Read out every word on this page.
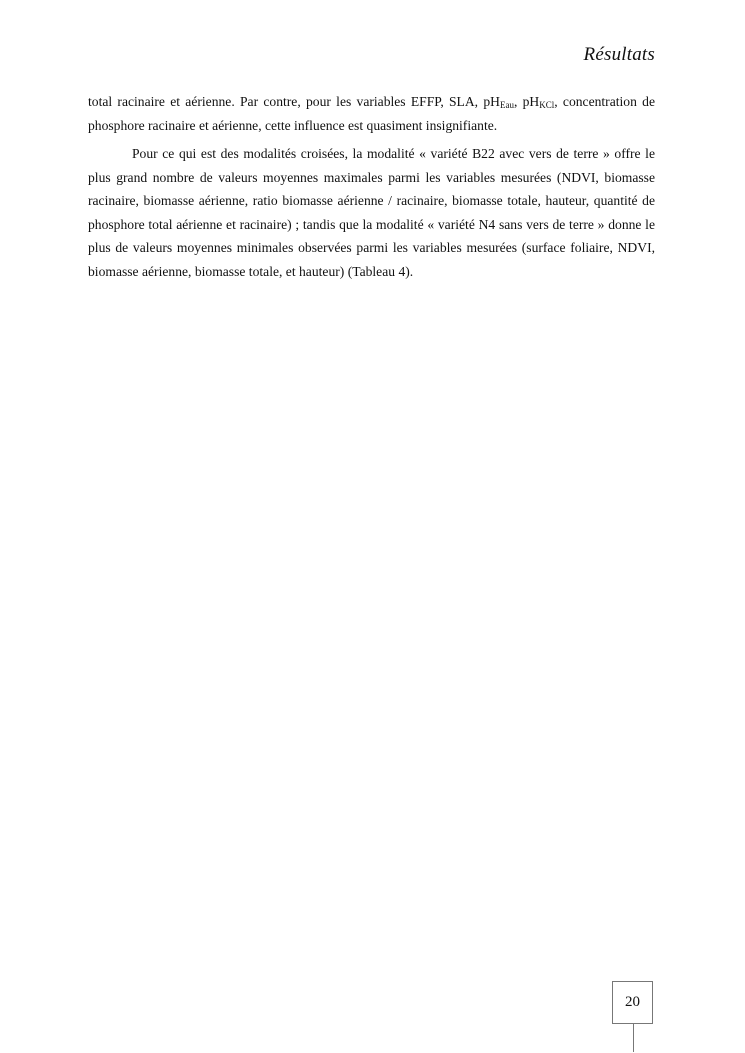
Résultats

total racinaire et aérienne. Par contre, pour les variables EFFP, SLA, $pH_{Eau}$, $pH_{KCl}$, concentration de phosphore racinaire et aérienne, cette influence est quasiment insignifiante.

Pour ce qui est des modalités croisées, la modalité « variété B22 avec vers de terre » offre le plus grand nombre de valeurs moyennes maximales parmi les variables mesurées (NDVI, biomasse racinaire, biomasse aérienne, ratio biomasse aérienne / racinaire, biomasse totale, hauteur, quantité de phosphore total aérienne et racinaire) ; tandis que la modalité « variété N4 sans vers de terre » donne le plus de valeurs moyennes minimales observées parmi les variables mesurées (surface foliaire, NDVI, biomasse aérienne, biomasse totale, et hauteur) (Tableau 4).

20
